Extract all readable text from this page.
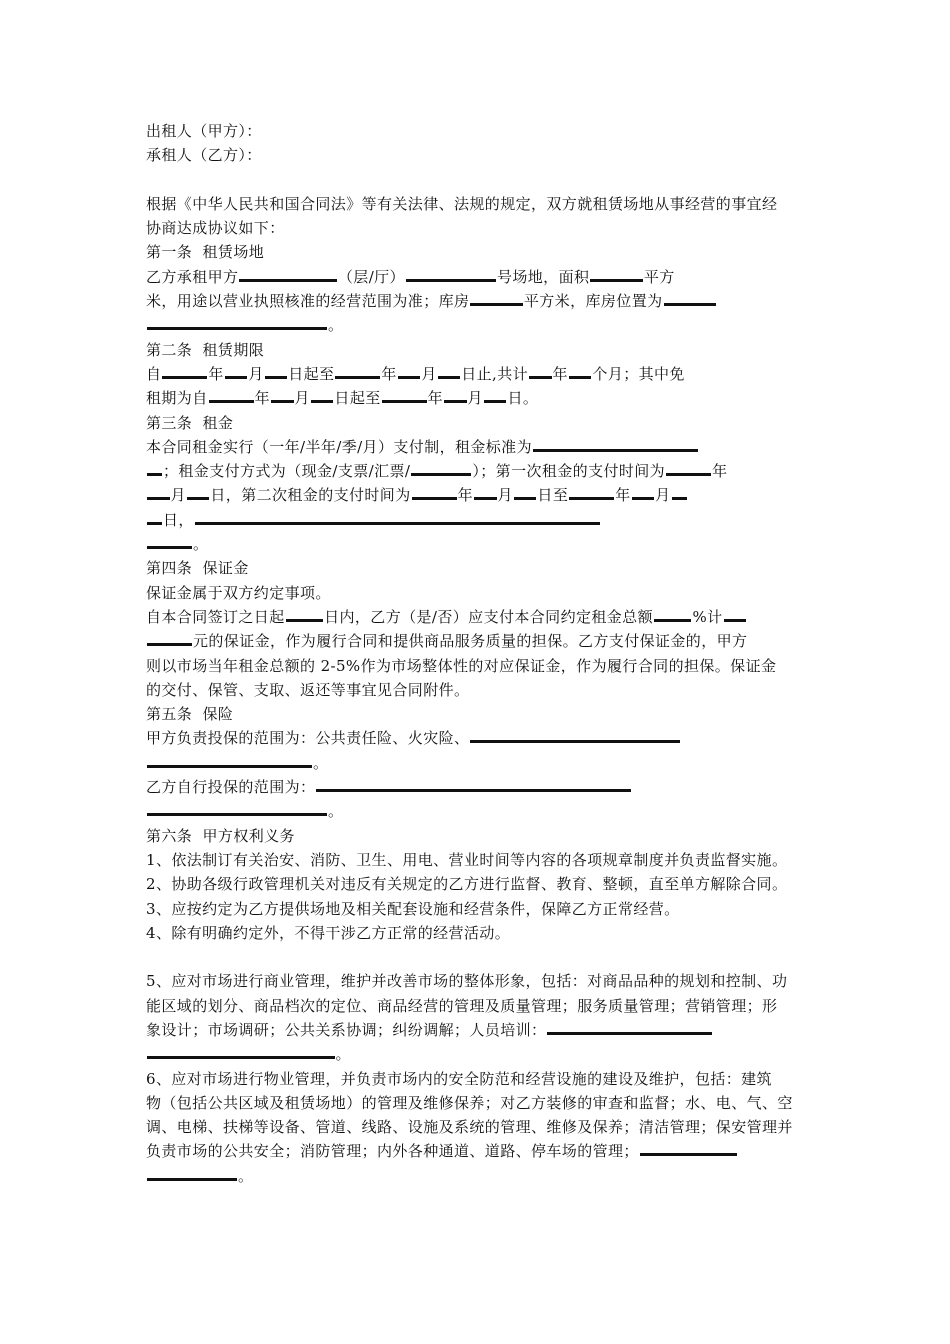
出租人（甲方）：
承租人（乙方）：
根据《中华人民共和国合同法》等有关法律、法规的规定，双方就租赁场地从事经营的事宜经
协商达成协议如下：
第一条  租赁场地
乙方承租甲方	（层/厅）	号场地，面积	平方
米，用途以营业执照核准的经营范围为准；库房	平方米，库房位置为
。
第二条  租赁期限
自	年 月 日起至	年 月 日止,共计 年 个月；其中免
租期为自	年 月 日起至	年 月 日。
第三条  租金
本合同租金实行（一年/半年/季/月）支付制，租金标准为
；租金支付方式为（现金/支票/汇票/	）；第一次租金的支付时间为	年
月 日，第二次租金的支付时间为	年 月 日至	年 月
日，
。
第四条  保证金
保证金属于双方约定事项。
自本合同签订之日起	日内，乙方（是/否）应支付本合同约定租金总额	%计
元的保证金，作为履行合同和提供商品服务质量的担保。乙方支付保证金的，甲方
则以市场当年租金总额的 2-5%作为市场整体性的对应保证金，作为履行合同的担保。保证金
的交付、保管、支取、返还等事宜见合同附件。
第五条  保险
甲方负责投保的范围为：公共责任险、火灾险、
。
乙方自行投保的范围为：
。
第六条  甲方权利义务
1、依法制订有关治安、消防、卫生、用电、营业时间等内容的各项规章制度并负责监督实施。
2、协助各级行政管理机关对违反有关规定的乙方进行监督、教育、整顿，直至单方解除合同。
3、应按约定为乙方提供场地及相关配套设施和经营条件，保障乙方正常经营。
4、除有明确约定外，不得干涉乙方正常的经营活动。
5、应对市场进行商业管理，维护并改善市场的整体形象，包括：对商品品种的规划和控制、功
能区域的划分、商品档次的定位、商品经营的管理及质量管理；服务质量管理；营销管理；形
象设计；市场调研；公共关系协调；纠纷调解；人员培训：
。
6、应对市场进行物业管理，并负责市场内的安全防范和经营设施的建设及维护，包括：建筑
物（包括公共区域及租赁场地）的管理及维修保养；对乙方装修的审查和监督；水、电、气、空
调、电梯、扶梯等设备、管道、线路、设施及系统的管理、维修及保养；清洁管理；保安管理并
负责市场的公共安全；消防管理；内外各种通道、道路、停车场的管理；
。
